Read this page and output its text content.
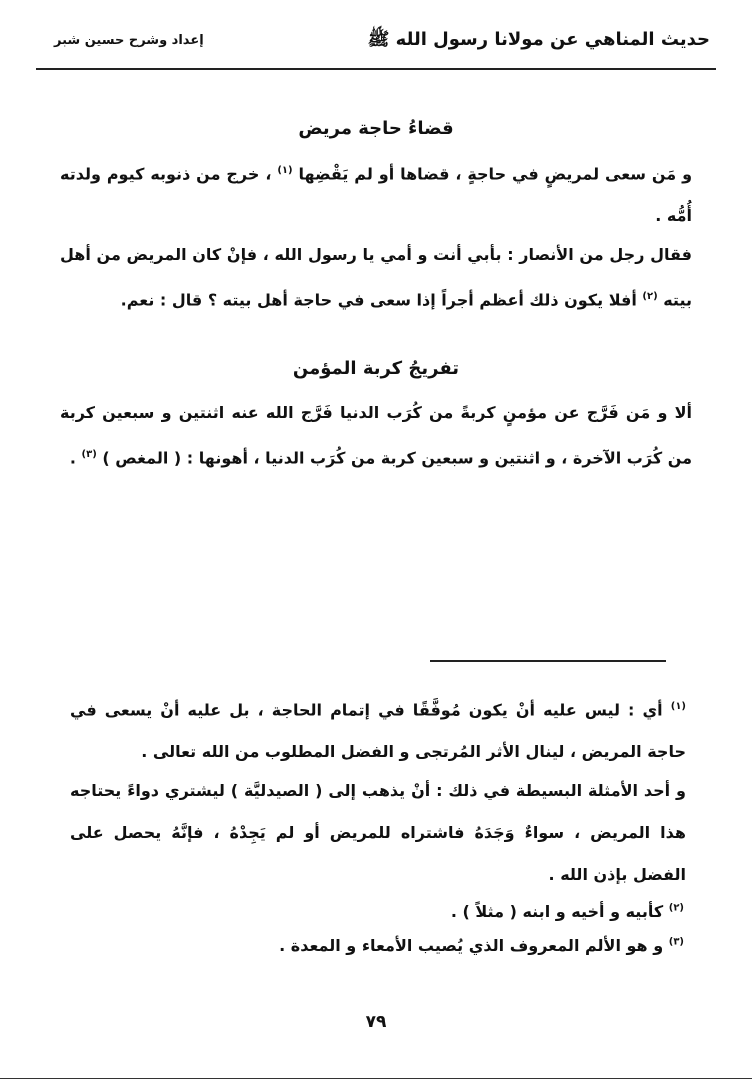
حديث المناهي عن مولانا رسول الله ﷺ
إعداد وشرح حسين شبر
قضاءُ حاجة مريض
و مَن سعى لمريضٍ في حاجةٍ ، قضاها أو لم يَقْضِها $^{(١)}$ ، خرج من ذنوبه كيوم ولدته أُمُّه .
فقال رجل من الأنصار : بأبي أنت و أمي يا رسول الله ، فإنْ كان المريض من أهل بيته $^{(٢)}$ أفلا يكون ذلك أعظم أجراً إذا سعى في حاجة أهل بيته ؟ قال : نعم.
تفريجُ كربة المؤمن
ألا و مَن فَرَّج عن مؤمنٍ كربةً من كُرَب الدنيا فَرَّج الله عنه اثنتين و سبعين كربة من كُرَب الآخرة ، و اثنتين و سبعين كربة من كُرَب الدنيا ، أهونها : ( المغص ) $^{(٣)}$ .
$^{(١)}$ أي : ليس عليه أنْ يكون مُوفَّقًا في إتمام الحاجة ، بل عليه أنْ يسعى في حاجة المريض ، لينال الأثر المُرتجى و الفضل المطلوب من الله تعالى .
و أحد الأمثلة البسيطة في ذلك : أنْ يذهب إلى ( الصيدليَّة ) ليشتري دواءً يحتاجه هذا المريض ، سواءٌ وَجَدَهُ فاشتراه للمريض أو لم يَجِدْهُ ، فإنَّهُ يحصل على الفضل بإذن الله .
$^{(٢)}$ كأبيه و أخيه و ابنه ( مثلاً ) .
$^{(٣)}$ و هو الألم المعروف الذي يُصيب الأمعاء و المعدة .
٧٩
